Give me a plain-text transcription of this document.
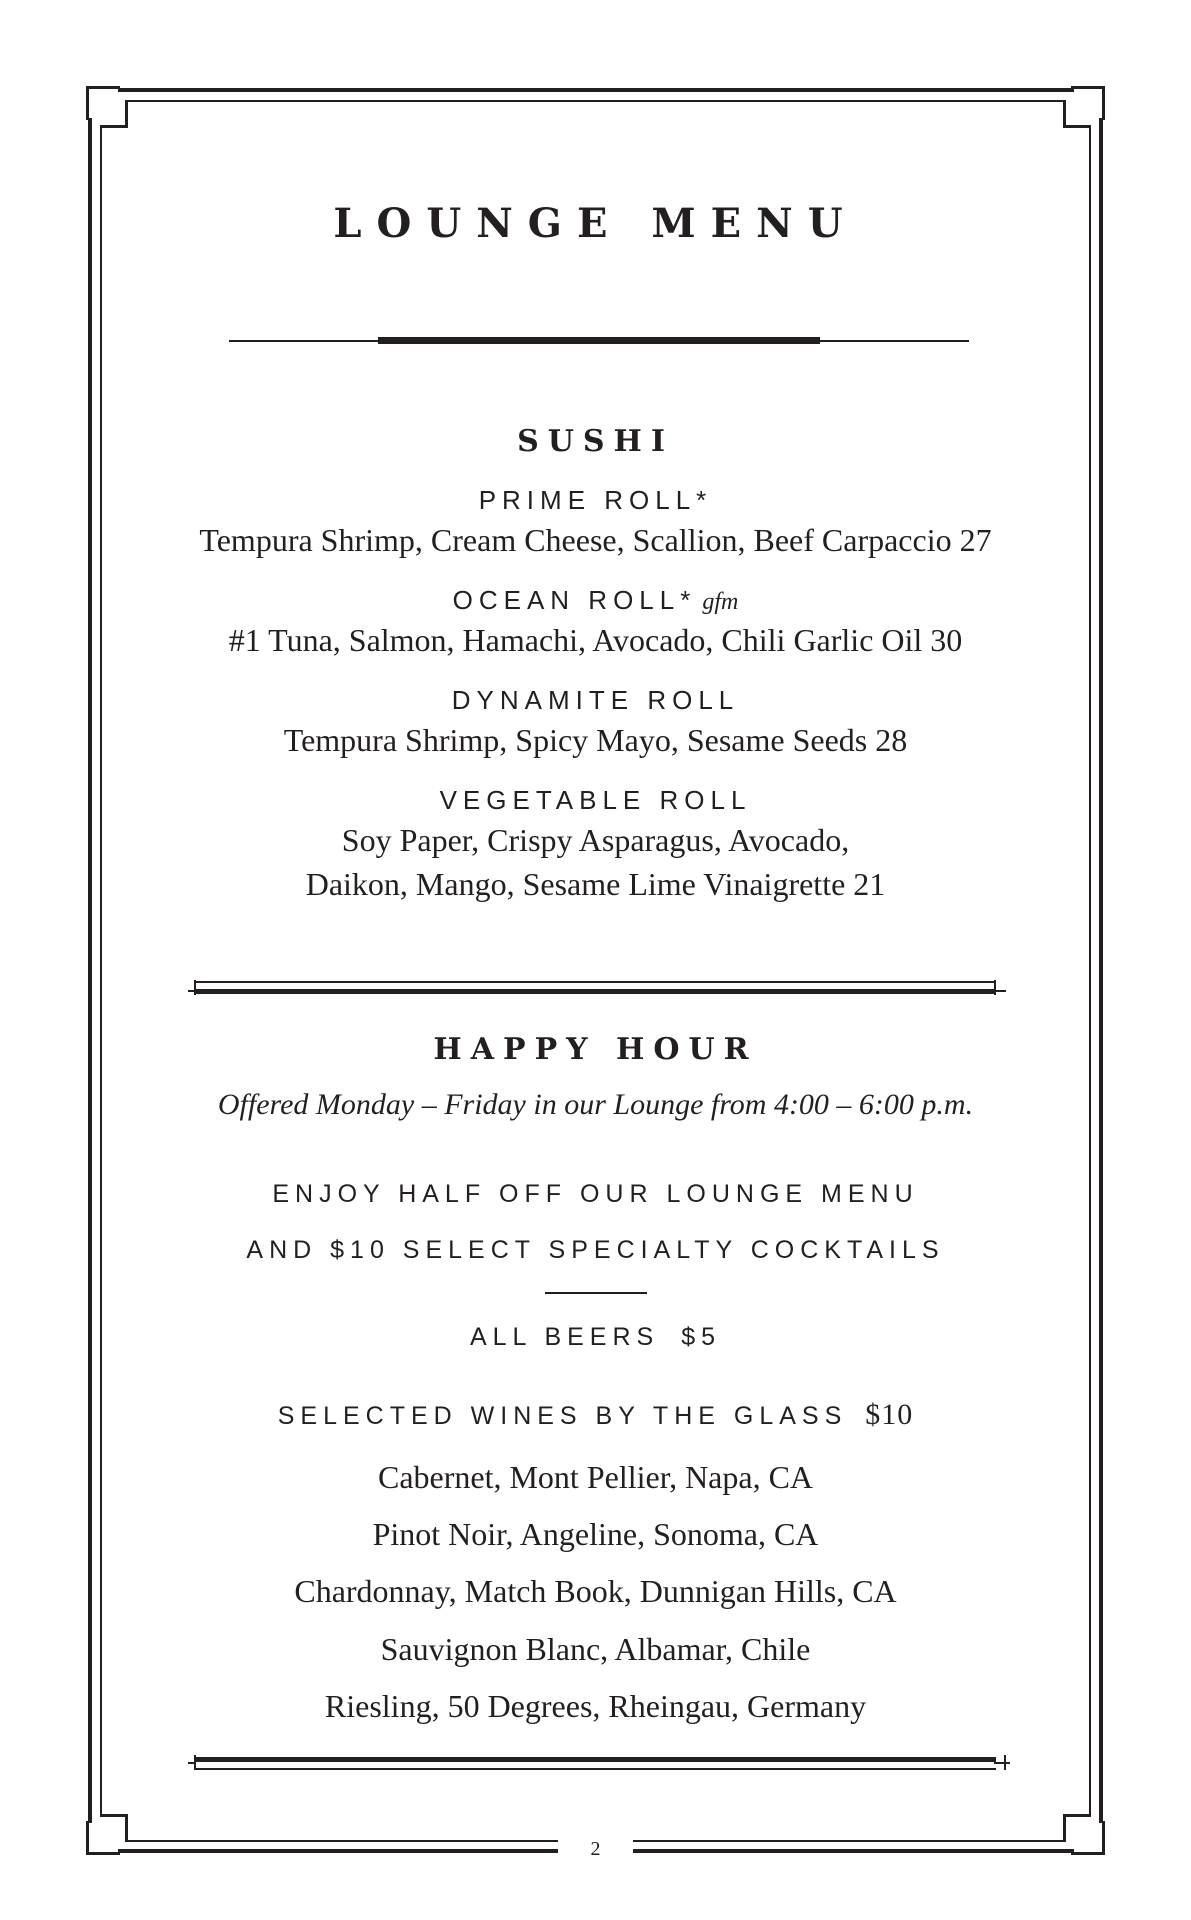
LOUNGE MENU
SUSHI
PRIME ROLL*
Tempura Shrimp, Cream Cheese, Scallion, Beef Carpaccio 27
OCEAN ROLL* gfm
#1 Tuna, Salmon, Hamachi, Avocado, Chili Garlic Oil 30
DYNAMITE ROLL
Tempura Shrimp, Spicy Mayo, Sesame Seeds 28
VEGETABLE ROLL
Soy Paper, Crispy Asparagus, Avocado,
Daikon, Mango, Sesame Lime Vinaigrette 21
HAPPY HOUR
Offered Monday – Friday in our Lounge from 4:00 – 6:00 p.m.
ENJOY HALF OFF OUR LOUNGE MENU
AND $10 SELECT SPECIALTY COCKTAILS
ALL BEERS $5
SELECTED WINES BY THE GLASS $10
Cabernet, Mont Pellier, Napa, CA
Pinot Noir, Angeline, Sonoma, CA
Chardonnay, Match Book, Dunnigan Hills, CA
Sauvignon Blanc, Albamar, Chile
Riesling, 50 Degrees, Rheingau, Germany
2
